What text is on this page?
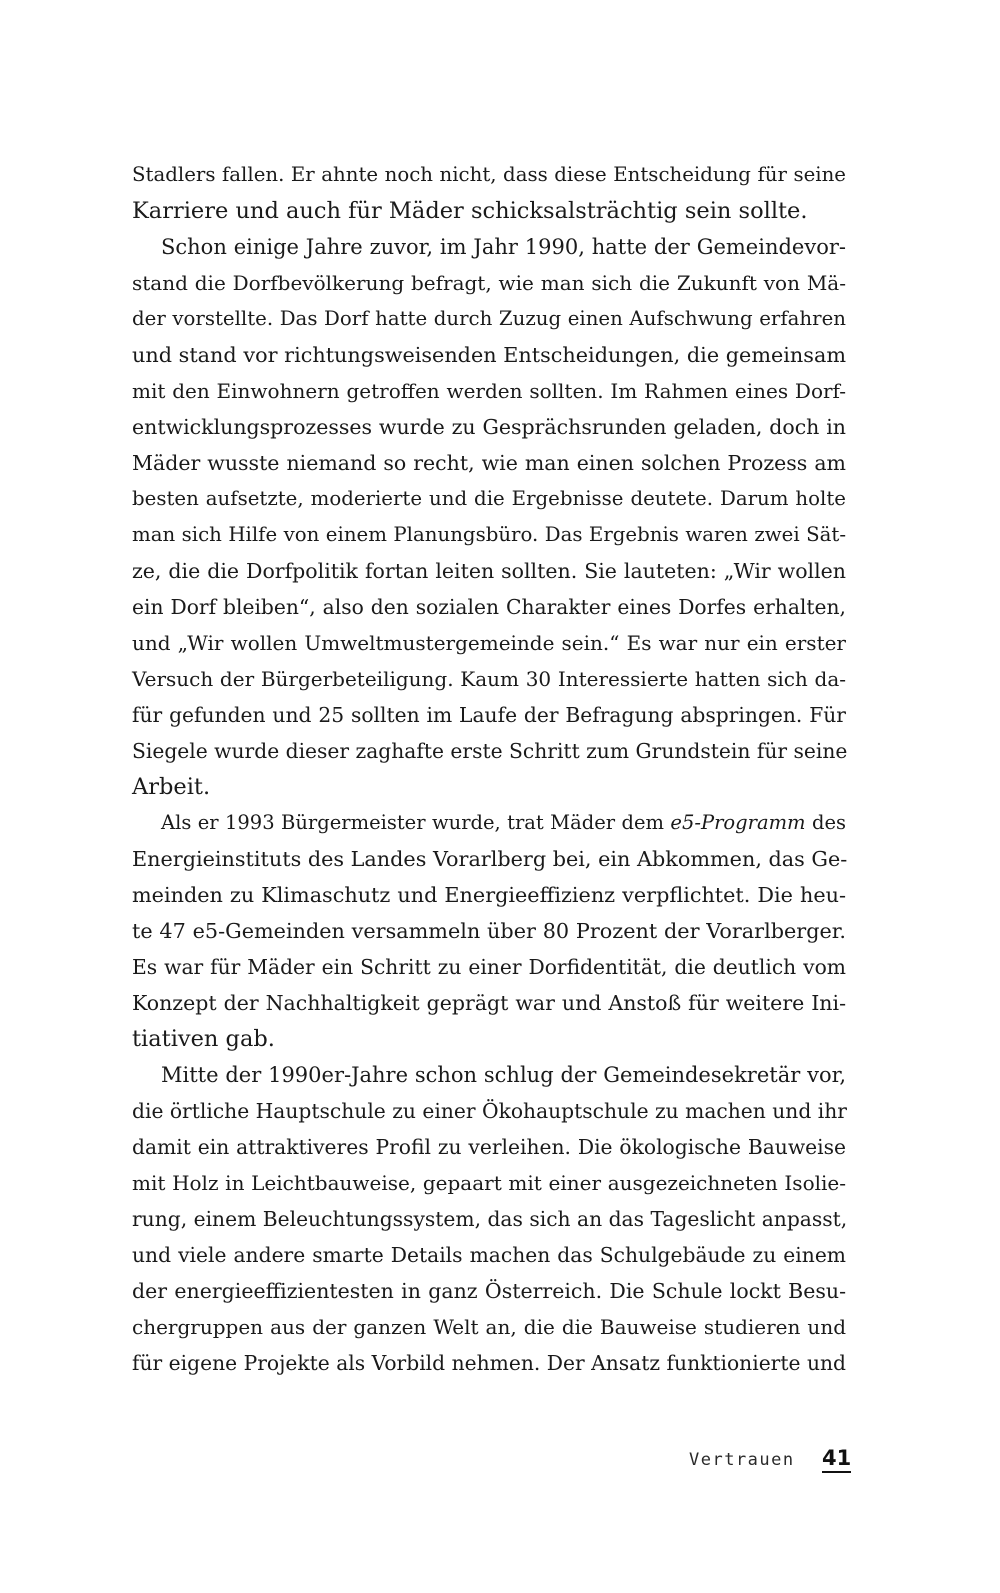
Stadlers fallen. Er ahnte noch nicht, dass diese Entscheidung für seine
Karriere und auch für Mäder schicksalsträchtig sein sollte.
Schon einige Jahre zuvor, im Jahr 1990, hatte der Gemeindevor-
stand die Dorfbevölkerung befragt, wie man sich die Zukunft von Mä-
der vorstellte. Das Dorf hatte durch Zuzug einen Aufschwung erfahren
und stand vor richtungsweisenden Entscheidungen, die gemeinsam
mit den Einwohnern getroffen werden sollten. Im Rahmen eines Dorf-
entwicklungsprozesses wurde zu Gesprächsrunden geladen, doch in
Mäder wusste niemand so recht, wie man einen solchen Prozess am
besten aufsetzte, moderierte und die Ergebnisse deutete. Darum holte
man sich Hilfe von einem Planungsbüro. Das Ergebnis waren zwei Sät-
ze, die die Dorfpolitik fortan leiten sollten. Sie lauteten: „Wir wollen
ein Dorf bleiben“, also den sozialen Charakter eines Dorfes erhalten,
und „Wir wollen Umweltmustergemeinde sein.“ Es war nur ein erster
Versuch der Bürgerbeteiligung. Kaum 30 Interessierte hatten sich da-
für gefunden und 25 sollten im Laufe der Befragung abspringen. Für
Siegele wurde dieser zaghafte erste Schritt zum Grundstein für seine
Arbeit.
Als er 1993 Bürgermeister wurde, trat Mäder dem e5-Programm des
Energieinstituts des Landes Vorarlberg bei, ein Abkommen, das Ge-
meinden zu Klimaschutz und Energieeffizienz verpflichtet. Die heu-
te 47 e5-Gemeinden versammeln über 80 Prozent der Vorarlberger.
Es war für Mäder ein Schritt zu einer Dorfidentität, die deutlich vom
Konzept der Nachhaltigkeit geprägt war und Anstoß für weitere Ini-
tiativen gab.
Mitte der 1990er-Jahre schon schlug der Gemeindesekretär vor,
die örtliche Hauptschule zu einer Ökohauptschule zu machen und ihr
damit ein attraktiveres Profil zu verleihen. Die ökologische Bauweise
mit Holz in Leichtbauweise, gepaart mit einer ausgezeichneten Isolie-
rung, einem Beleuchtungssystem, das sich an das Tageslicht anpasst,
und viele andere smarte Details machen das Schulgebäude zu einem
der energieeffizientesten in ganz Österreich. Die Schule lockt Besu-
chergruppen aus der ganzen Welt an, die die Bauweise studieren und
für eigene Projekte als Vorbild nehmen. Der Ansatz funktionierte und
Vertrauen 41
